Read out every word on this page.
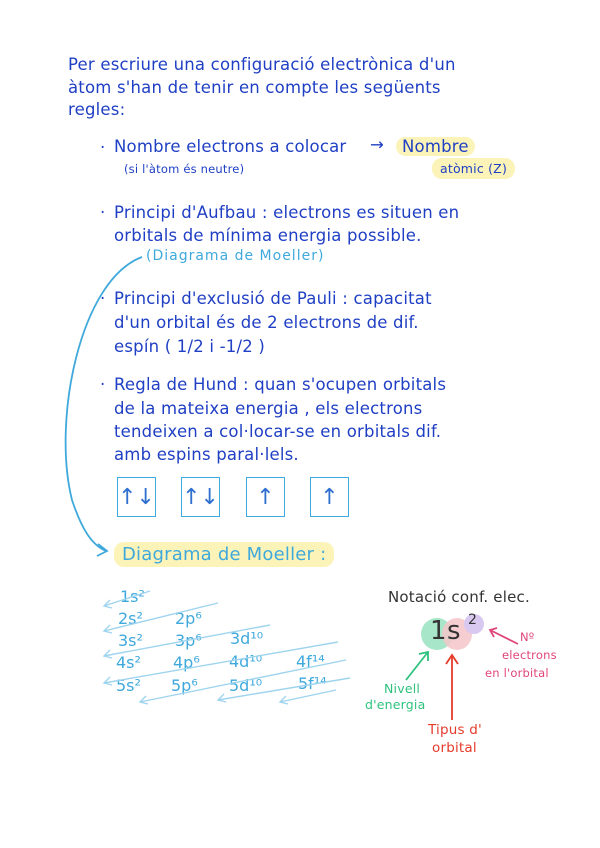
Per escriure una configuració electrònica d'un
àtom s'han de tenir en compte les següents
regles:
· Nombre electrons a colocar →	Nombre
(si l'àtom és neutre)	atòmic (Z)
· Principi d'Aufbau : electrons es situen en
orbitals de mínima energia possible.
(Diagrama de Moeller)
· Principi d'exclusió de Pauli : capacitat
d'un orbital és de 2 electrons de dif.
espín ( 1/2 i -1/2 )
· Regla de Hund : quan s'ocupen orbitals
de la mateixa energia , els electrons
tendeixen a col·locar-se en orbitals dif.
amb espins paral·lels.
↑↓ ↑↓	↑	↑
Diagrama de Moeller :
1s²
2s² 2p⁶
3s² 3p⁶ 3d¹⁰
4s² 4p⁶ 4d¹⁰ 4f¹⁴
5s² 5p⁶ 5d¹⁰ 5f¹⁴
Notació conf. elec.
1 s 2
Nivell
d'energia
Tipus d'
orbital
Nº
electrons
en l'orbital
